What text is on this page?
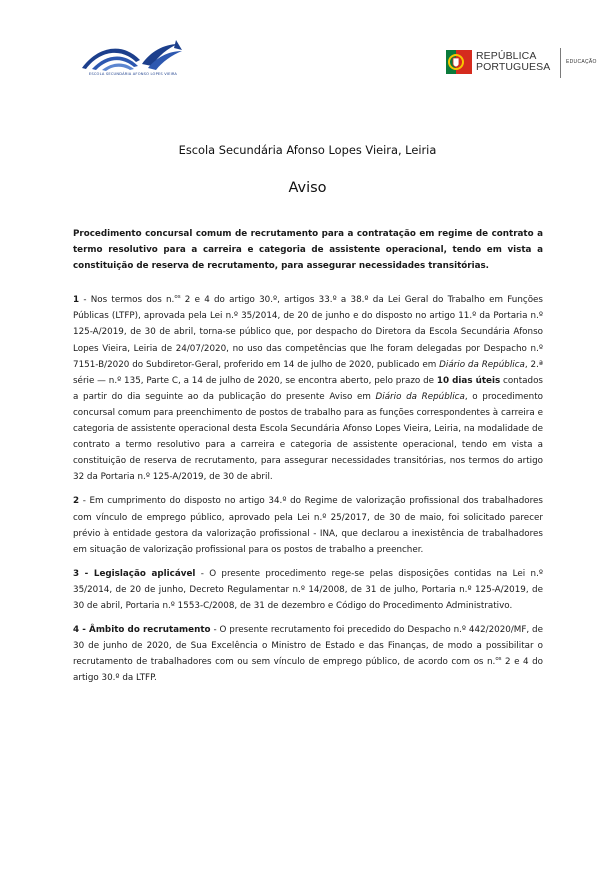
ESCOLA SECUNDÁRIA AFONSO LOPES VIEIRA
REPÚBLICA
PORTUGUESA	EDUCAÇÃO
Escola Secundária Afonso Lopes Vieira, Leiria
Aviso

Procedimento concursal comum de recrutamento para a contratação em regime de contrato a termo resolutivo para a carreira e categoria de assistente operacional, tendo em vista a constituição de reserva de recrutamento, para assegurar necessidades transitórias.

1 - Nos termos dos n.$^{os}$ 2 e 4 do artigo 30.º, artigos 33.º a 38.º da Lei Geral do Trabalho em Funções Públicas (LTFP), aprovada pela Lei n.º 35/2014, de 20 de junho e do disposto no artigo 11.º da Portaria n.º 125-A/2019, de 30 de abril, torna-se público que, por despacho do Diretora da Escola Secundária Afonso Lopes Vieira, Leiria de 24/07/2020, no uso das competências que lhe foram delegadas por Despacho n.º 7151-B/2020 do Subdiretor-Geral, proferido em 14 de julho de 2020, publicado em Diário da República, 2.ª série — n.º 135, Parte C, a 14 de julho de 2020, se encontra aberto, pelo prazo de 10 dias úteis contados a partir do dia seguinte ao da publicação do presente Aviso em Diário da República, o procedimento concursal comum para preenchimento de postos de trabalho para as funções correspondentes à carreira e categoria de assistente operacional desta Escola Secundária Afonso Lopes Vieira, Leiria, na modalidade de contrato a termo resolutivo para a carreira e categoria de assistente operacional, tendo em vista a constituição de reserva de recrutamento, para assegurar necessidades transitórias, nos termos do artigo 32 da Portaria n.º 125-A/2019, de 30 de abril.

2 - Em cumprimento do disposto no artigo 34.º do Regime de valorização profissional dos trabalhadores com vínculo de emprego público, aprovado pela Lei n.º 25/2017, de 30 de maio, foi solicitado parecer prévio à entidade gestora da valorização profissional - INA, que declarou a inexistência de trabalhadores em situação de valorização profissional para os postos de trabalho a preencher.

3 - Legislação aplicável - O presente procedimento rege-se pelas disposições contidas na Lei n.º 35/2014, de 20 de junho, Decreto Regulamentar n.º 14/2008, de 31 de julho, Portaria n.º 125-A/2019, de 30 de abril, Portaria n.º 1553-C/2008, de 31 de dezembro e Código do Procedimento Administrativo.

4 - Âmbito do recrutamento - O presente recrutamento foi precedido do Despacho n.º 442/2020/MF, de 30 de junho de 2020, de Sua Excelência o Ministro de Estado e das Finanças, de modo a possibilitar o recrutamento de trabalhadores com ou sem vínculo de emprego público, de acordo com os n.$^{os}$ 2 e 4 do artigo 30.º da LTFP.
